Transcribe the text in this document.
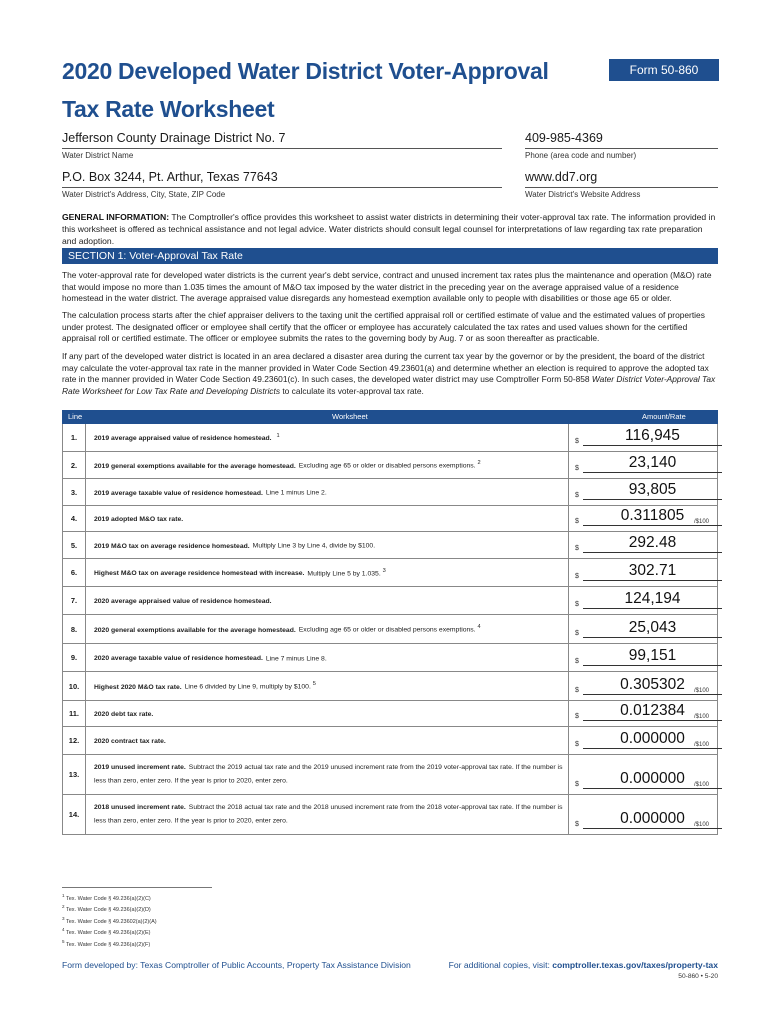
2020 Developed Water District Voter-Approval
Tax Rate Worksheet
Form 50-860
Jefferson County Drainage District No. 7
Water District Name
409-985-4369
Phone (area code and number)
P.O. Box 3244, Pt. Arthur, Texas 77643
Water District's Address, City, State, ZIP Code
www.dd7.org
Water District's Website Address
GENERAL INFORMATION: The Comptroller's office provides this worksheet to assist water districts in determining their voter-approval tax rate. The information provided in this worksheet is offered as technical assistance and not legal advice. Water districts should consult legal counsel for interpretations of law regarding tax rate preparation and adoption.
SECTION 1: Voter-Approval Tax Rate
The voter-approval rate for developed water districts is the current year's debt service, contract and unused increment tax rates plus the maintenance and operation (M&O) rate that would impose no more than 1.035 times the amount of M&O tax imposed by the water district in the preceding year on the average appraised value of a residence homestead in the water district. The average appraised value disregards any homestead exemption available only to people with disabilities or those age 65 or older.
The calculation process starts after the chief appraiser delivers to the taxing unit the certified appraisal roll or certified estimate of value and the estimated values of properties under protest. The designated officer or employee shall certify that the officer or employee has accurately calculated the tax rates and used values shown for the certified appraisal roll or certified estimate. The officer or employee submits the rates to the governing body by Aug. 7 or as soon thereafter as practicable.
If any part of the developed water district is located in an area declared a disaster area during the current tax year by the governor or by the president, the board of the district may calculate the voter-approval tax rate in the manner provided in Water Code Section 49.23601(a) and determine whether an election is required to approve the adopted tax rate in the manner provided in Water Code Section 49.23601(c). In such cases, the developed water district may use Comptroller Form 50-858 Water District Voter-Approval Tax Rate Worksheet for Low Tax Rate and Developing Districts to calculate its voter-approval tax rate.
Line	Worksheet	Amount/Rate
1.	2019 average appraised value of residence homestead. $^1$
$	116,945
2.	2019 general exemptions available for the average homestead. Excluding age 65 or older or disabled persons exemptions. $^2$
$	23,140
3.	2019 average taxable value of residence homestead. Line 1 minus Line 2.	$	93,805
4.	2019 adopted M&O tax rate.	$	0.311805	/$100
5.	2019 M&O tax on average residence homestead. Multiply Line 3 by Line 4, divide by $100.	$	292.48
6.	Highest M&O tax on average residence homestead with increase. Multiply Line 5 by 1.035. $^3$
$	302.71
7.	2020 average appraised value of residence homestead.	$	124,194
8.	2020 general exemptions available for the average homestead. Excluding age 65 or older or disabled persons exemptions. $^4$
$	25,043
9.	2020 average taxable value of residence homestead. Line 7 minus Line 8.	$	99,151
10.	Highest 2020 M&O tax rate. Line 6 divided by Line 9, multiply by $100. $^5$
$	0.305302	/$100
11.	2020 debt tax rate.	$	0.012384	/$100
12.	2020 contract tax rate.	$	0.000000	/$100
13.
2019 unused increment rate. Subtract the 2019 actual tax rate and the 2019 unused increment rate from the 2019 voter-approval tax rate. If the number is less than zero, enter zero. If the year is prior to 2020, enter zero.
$	0.000000	/$100
14.
2018 unused increment rate. Subtract the 2018 actual tax rate and the 2018 unused increment rate from the 2018 voter-approval tax rate. If the number is less than zero, enter zero. If the year is prior to 2020, enter zero.
$	0.000000	/$100
$^1$ Tex. Water Code § 49.236(a)(2)(C)
$^2$ Tex. Water Code § 49.236(a)(2)(D)
$^3$ Tex. Water Code § 49.23602(a)(2)(A)
$^4$ Tex. Water Code § 49.236(a)(2)(E)
$^5$ Tex. Water Code § 49.236(a)(2)(F)
Form developed by: Texas Comptroller of Public Accounts, Property Tax Assistance Division	For additional copies, visit: comptroller.texas.gov/taxes/property-tax
50-860 • 5-20
